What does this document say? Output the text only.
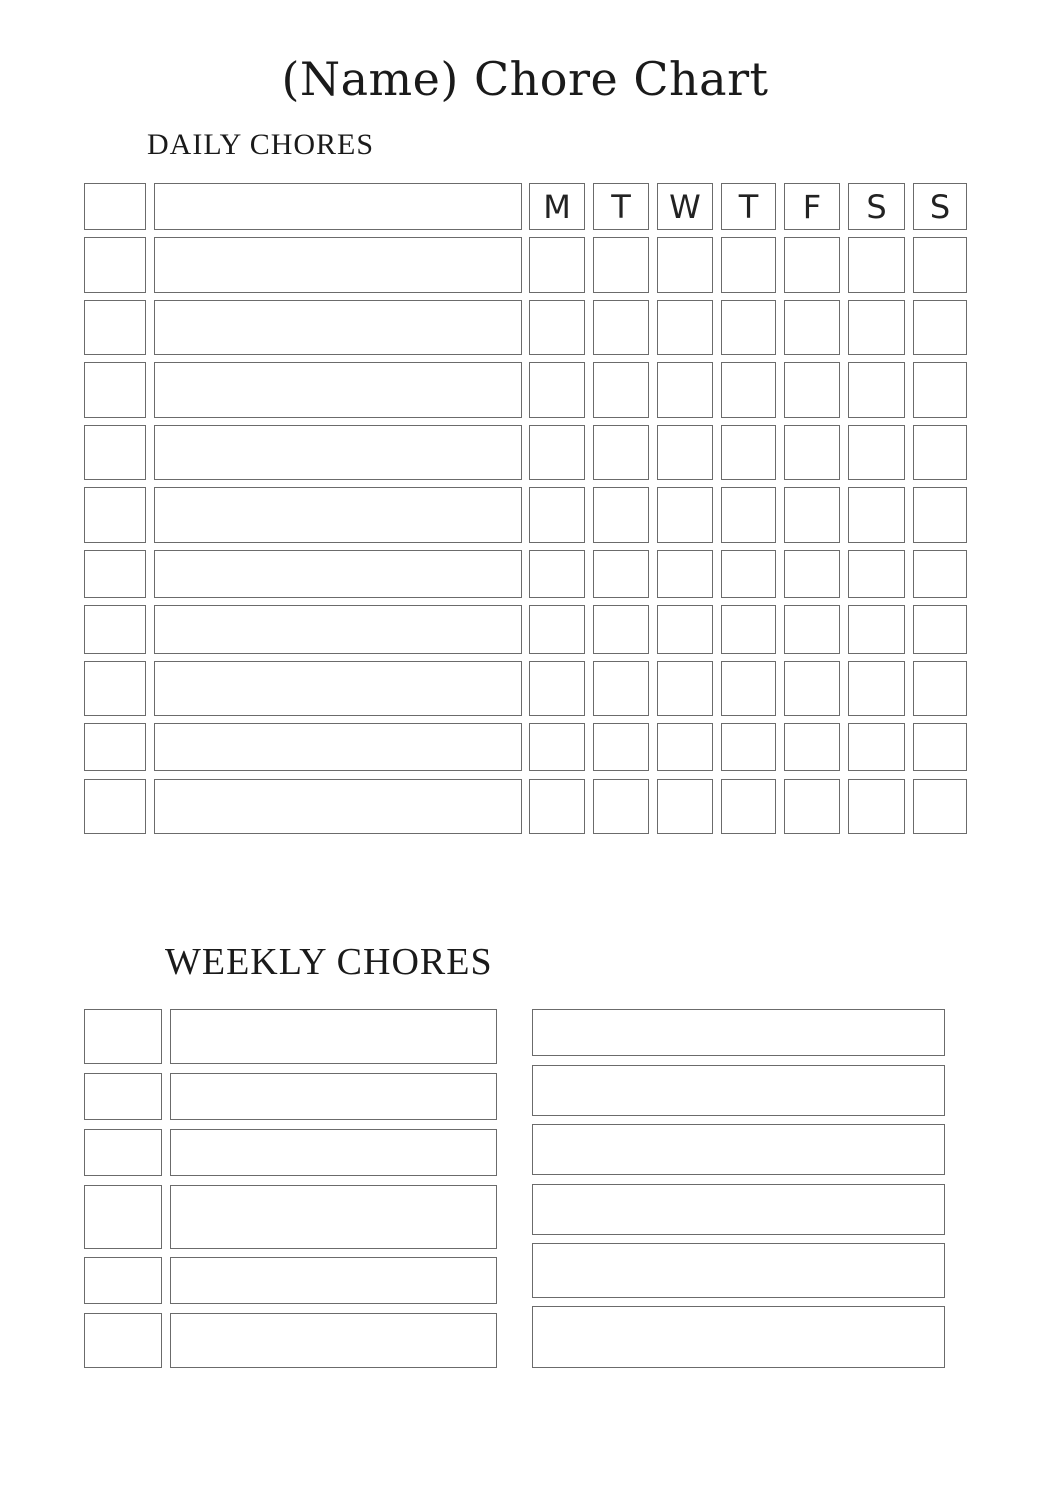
(Name) Chore Chart
DAILY CHORES
WEEKLY CHORES
M	T	W	T	F	S	S
